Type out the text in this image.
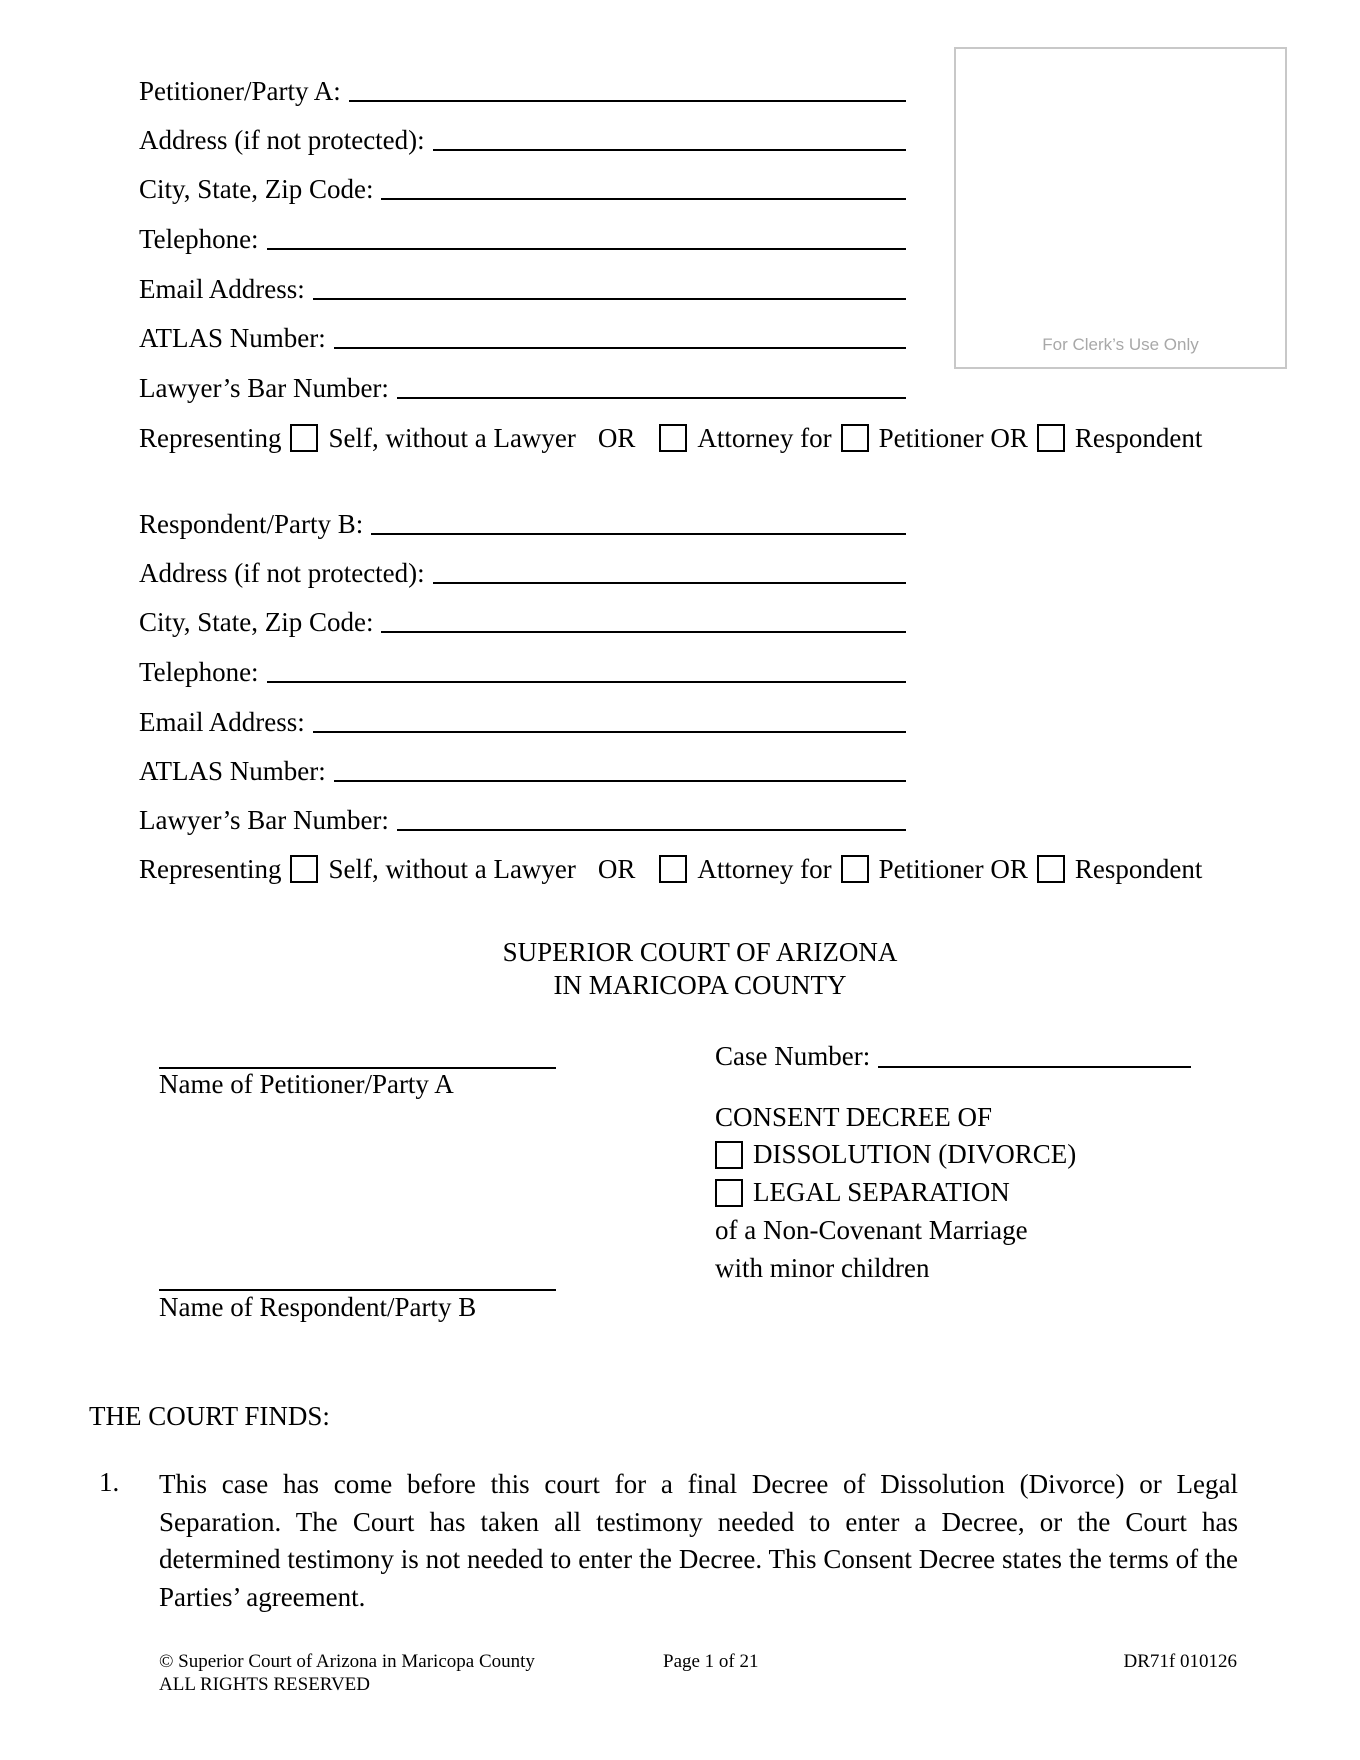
Petitioner/Party A:
Address (if not protected):
City, State, Zip Code:
Telephone:
Email Address:
ATLAS Number:
Lawyer’s Bar Number:
Representing Self, without a Lawyer OR Attorney for Petitioner OR Respondent
For Clerk’s Use Only
Respondent/Party B:
Address (if not protected):
City, State, Zip Code:
Telephone:
Email Address:
ATLAS Number:
Lawyer’s Bar Number:
Representing Self, without a Lawyer OR Attorney for Petitioner OR Respondent
SUPERIOR COURT OF ARIZONA
IN MARICOPA COUNTY
Name of Petitioner/Party A
Name of Respondent/Party B
Case Number:
CONSENT DECREE OF
DISSOLUTION (DIVORCE)
LEGAL SEPARATION
of a Non-Covenant Marriage
with minor children
THE COURT FINDS:
1. This case has come before this court for a final Decree of Dissolution (Divorce) or Legal Separation. The Court has taken all testimony needed to enter a Decree, or the Court has determined testimony is not needed to enter the Decree. This Consent Decree states the terms of the Parties’ agreement.
© Superior Court of Arizona in Maricopa County
ALL RIGHTS RESERVED
Page 1 of 21	DR71f 010126
